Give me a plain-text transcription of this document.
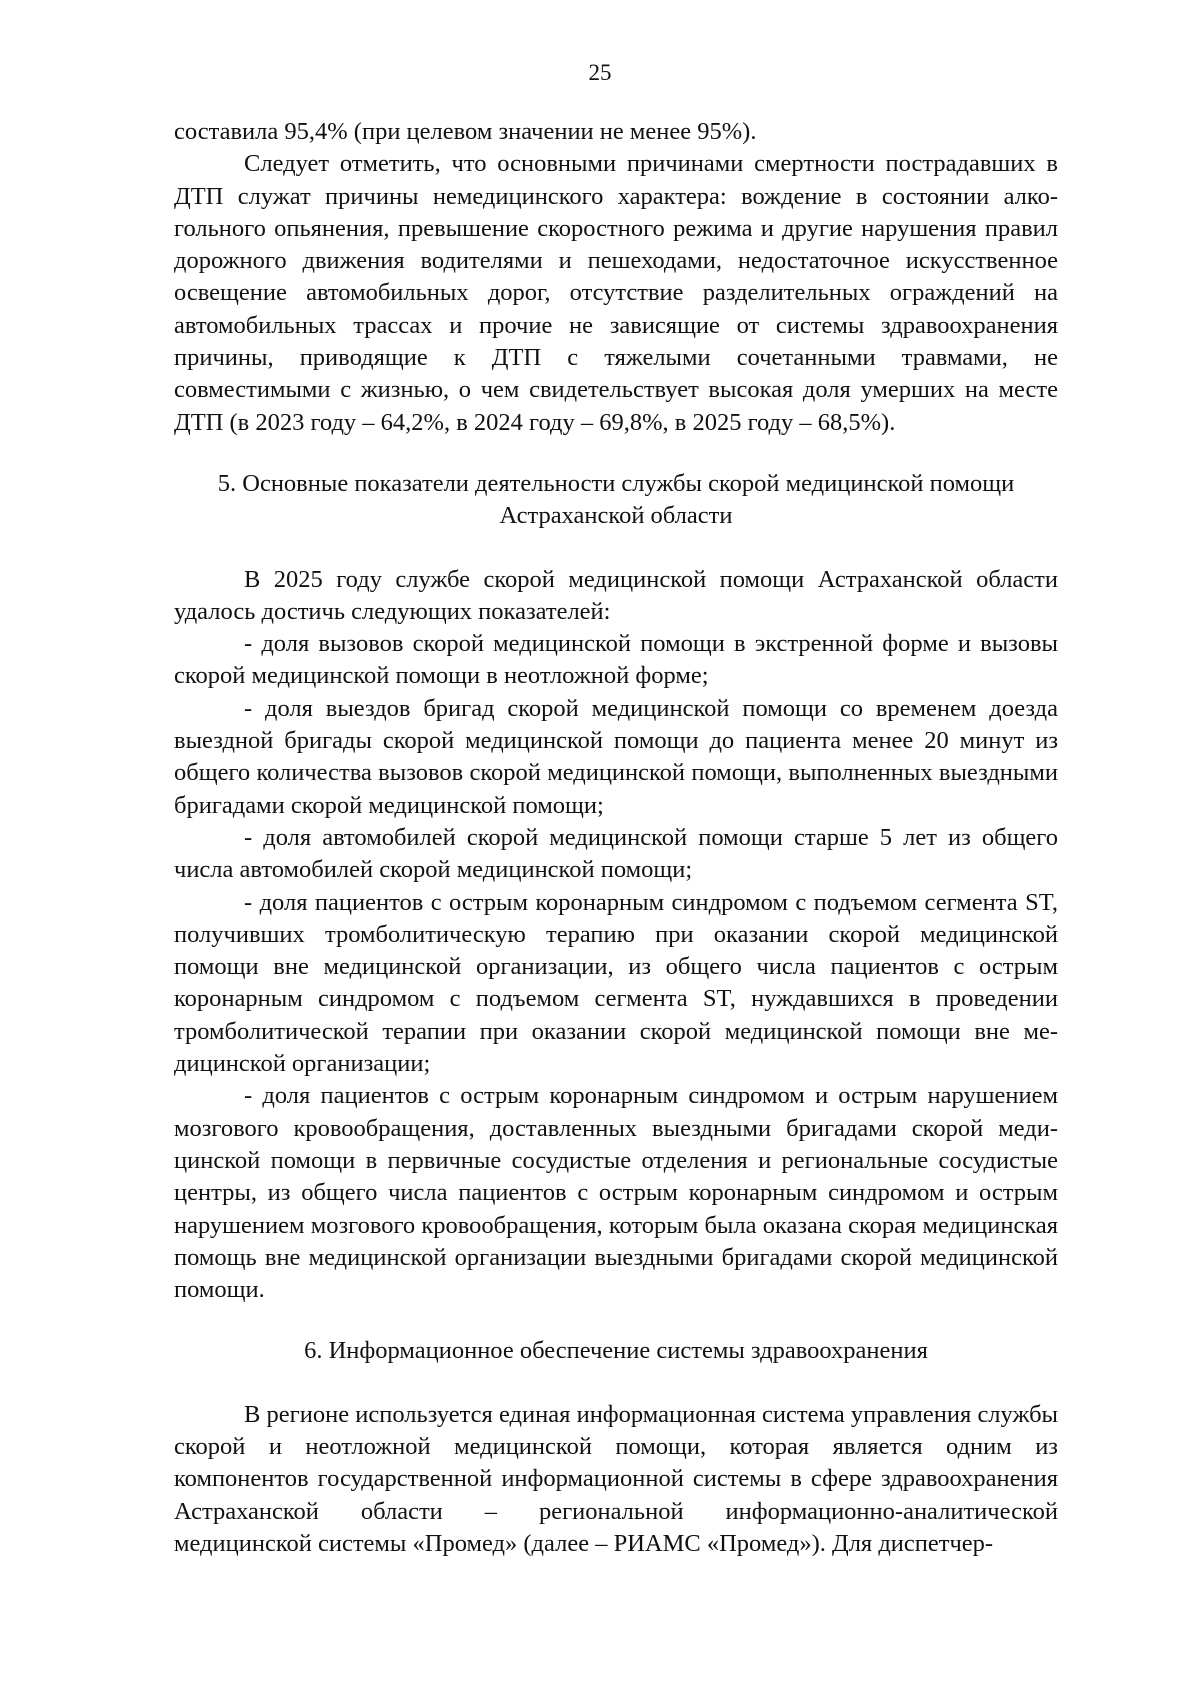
25

составила 95,4% (при целевом значении не менее 95%).

Следует отметить, что основными причинами смертности пострадавших в ДТП служат причины немедицинского характера: вождение в состоянии алкогольного опьянения, превышение скоростного режима и другие нарушения правил дорожного движения водителями и пешеходами, недостаточное искусственное освещение автомобильных дорог, отсутствие разделительных ограждений на автомобильных трассах и прочие не зависящие от системы здравоохранения причины, приводящие к ДТП с тяжелыми сочетанными травмами, не совместимыми с жизнью, о чем свидетельствует высокая доля умерших на месте ДТП (в 2023 году – 64,2%, в 2024 году – 69,8%, в 2025 году – 68,5%).

5. Основные показатели деятельности службы скорой медицинской помощи

Астраханской области

В 2025 году службе скорой медицинской помощи Астраханской области удалось достичь следующих показателей:

- доля вызовов скорой медицинской помощи в экстренной форме и вызовы скорой медицинской помощи в неотложной форме;

- доля выездов бригад скорой медицинской помощи со временем доезда выездной бригады скорой медицинской помощи до пациента менее 20 минут из общего количества вызовов скорой медицинской помощи, выполненных выездными бригадами скорой медицинской помощи;

- доля автомобилей скорой медицинской помощи старше 5 лет из общего числа автомобилей скорой медицинской помощи;

- доля пациентов с острым коронарным синдромом с подъемом сегмента ST, получивших тромболитическую терапию при оказании скорой медицинской помощи вне медицинской организации, из общего числа пациентов с острым коронарным синдромом с подъемом сегмента ST, нуждавшихся в проведении тромболитической терапии при оказании скорой медицинской помощи вне медицинской организации;

- доля пациентов с острым коронарным синдромом и острым нарушением мозгового кровообращения, доставленных выездными бригадами скорой медицинской помощи в первичные сосудистые отделения и региональные сосудистые центры, из общего числа пациентов с острым коронарным синдромом и острым нарушением мозгового кровообращения, которым была оказана скорая медицинская помощь вне медицинской организации выездными бригадами скорой медицинской помощи.

6. Информационное обеспечение системы здравоохранения

В регионе используется единая информационная система управления службы скорой и неотложной медицинской помощи, которая является одним из компонентов государственной информационной системы в сфере здравоохранения Астраханской области – региональной информационно-аналитической медицинской системы «Промед» (далее – РИАМС «Промед»). Для диспетчер-
